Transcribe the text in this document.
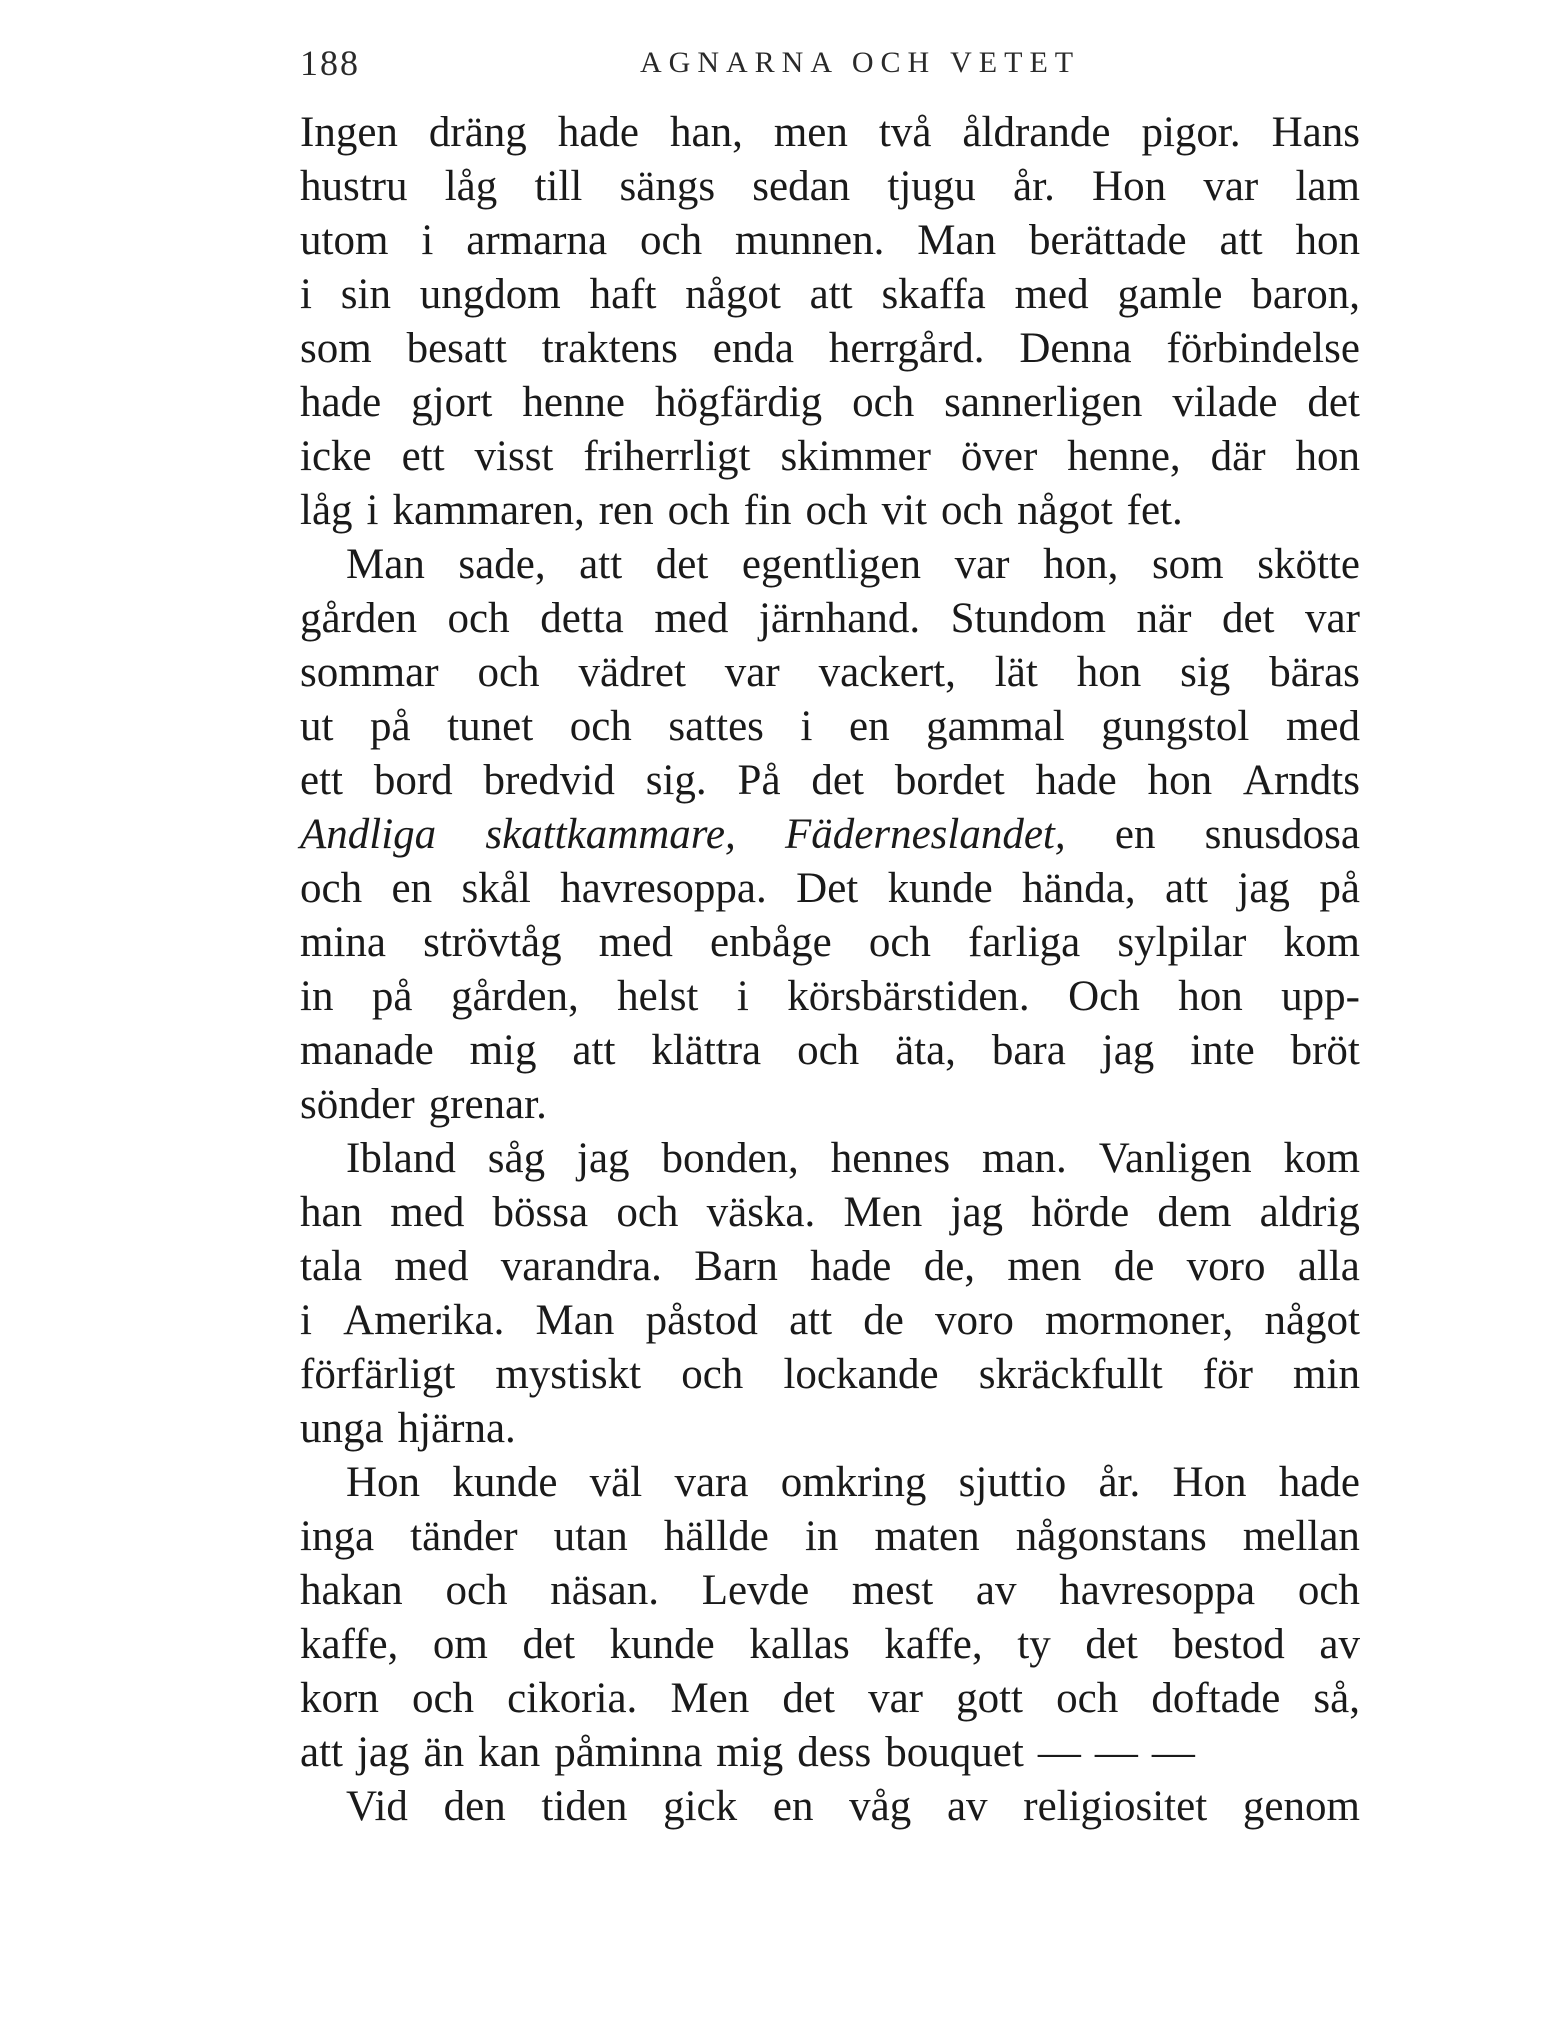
188	AGNARNA OCH VETET
Ingen dräng hade han, men två åldrande pigor. Hans
hustru låg till sängs sedan tjugu år. Hon var lam
utom i armarna och munnen. Man berättade att hon
i sin ungdom haft något att skaffa med gamle baron,
som besatt traktens enda herrgård. Denna förbindelse
hade gjort henne högfärdig och sannerligen vilade det
icke ett visst friherrligt skimmer över henne, där hon
låg i kammaren, ren och fin och vit och något fet.
Man sade, att det egentligen var hon, som skötte
gården och detta med järnhand. Stundom när det var
sommar och vädret var vackert, lät hon sig bäras
ut på tunet och sattes i en gammal gungstol med
ett bord bredvid sig. På det bordet hade hon Arndts
Andliga skattkammare, Fäderneslandet, en snusdosa
och en skål havresoppa. Det kunde hända, att jag på
mina strövtåg med enbåge och farliga sylpilar kom
in på gården, helst i körsbärstiden. Och hon upp-
manade mig att klättra och äta, bara jag inte bröt
sönder grenar.
Ibland såg jag bonden, hennes man. Vanligen kom
han med bössa och väska. Men jag hörde dem aldrig
tala med varandra. Barn hade de, men de voro alla
i Amerika. Man påstod att de voro mormoner, något
förfärligt mystiskt och lockande skräckfullt för min
unga hjärna.
Hon kunde väl vara omkring sjuttio år. Hon hade
inga tänder utan hällde in maten någonstans mellan
hakan och näsan. Levde mest av havresoppa och
kaffe, om det kunde kallas kaffe, ty det bestod av
korn och cikoria. Men det var gott och doftade så,
att jag än kan påminna mig dess bouquet — — —
Vid den tiden gick en våg av religiositet genom
